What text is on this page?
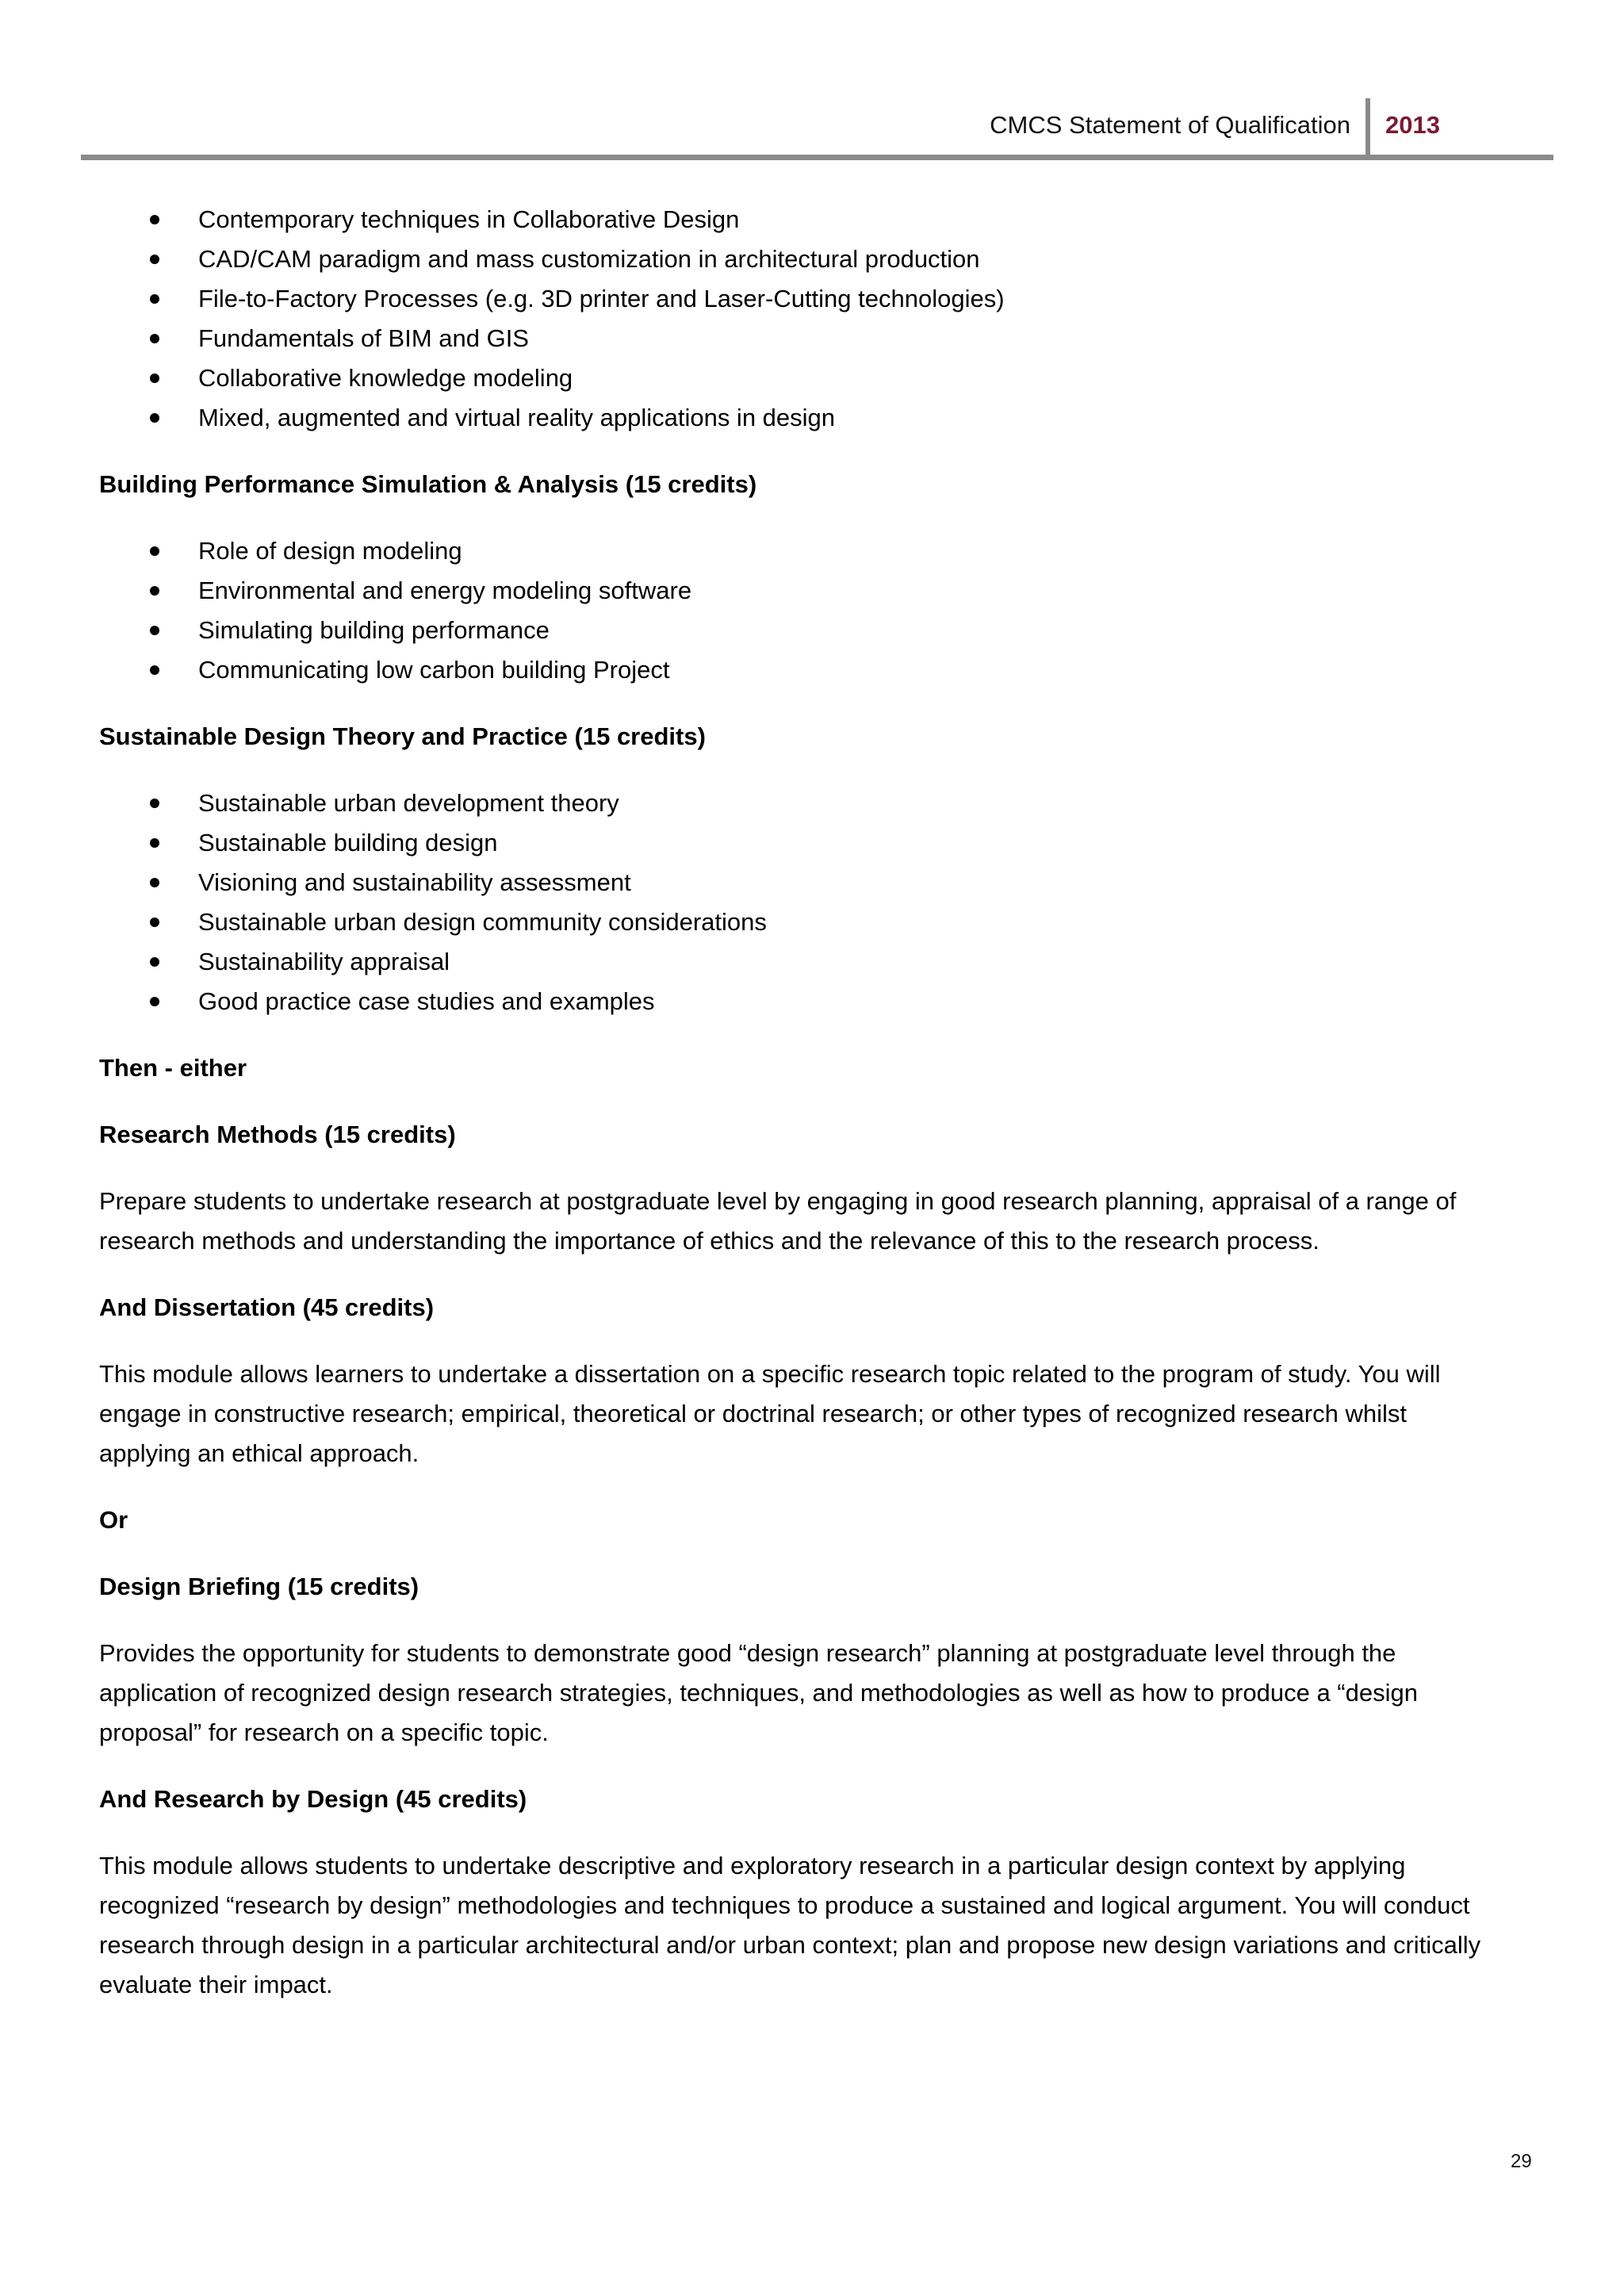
CMCS Statement of Qualification 2013
Contemporary techniques in Collaborative Design
CAD/CAM paradigm and mass customization in architectural production
File-to-Factory Processes (e.g. 3D printer and Laser-Cutting technologies)
Fundamentals of BIM and GIS
Collaborative knowledge modeling
Mixed, augmented and virtual reality applications in design

Building Performance Simulation & Analysis (15 credits)

Role of design modeling
Environmental and energy modeling software
Simulating building performance
Communicating low carbon building Project

Sustainable Design Theory and Practice (15 credits)

Sustainable urban development theory
Sustainable building design
Visioning and sustainability assessment
Sustainable urban design community considerations
Sustainability appraisal
Good practice case studies and examples

Then - either

Research Methods (15 credits)

Prepare students to undertake research at postgraduate level by engaging in good research planning, appraisal of a range of
research methods and understanding the importance of ethics and the relevance of this to the research process.

And Dissertation (45 credits)

This module allows learners to undertake a dissertation on a specific research topic related to the program of study. You will
engage in constructive research; empirical, theoretical or doctrinal research; or other types of recognized research whilst
applying an ethical approach.

Or

Design Briefing (15 credits)

Provides the opportunity for students to demonstrate good “design research” planning at postgraduate level through the
application of recognized design research strategies, techniques, and methodologies as well as how to produce a “design
proposal” for research on a specific topic.

And Research by Design (45 credits)

This module allows students to undertake descriptive and exploratory research in a particular design context by applying
recognized “research by design” methodologies and techniques to produce a sustained and logical argument. You will conduct
research through design in a particular architectural and/or urban context; plan and propose new design variations and critically
evaluate their impact.

29
